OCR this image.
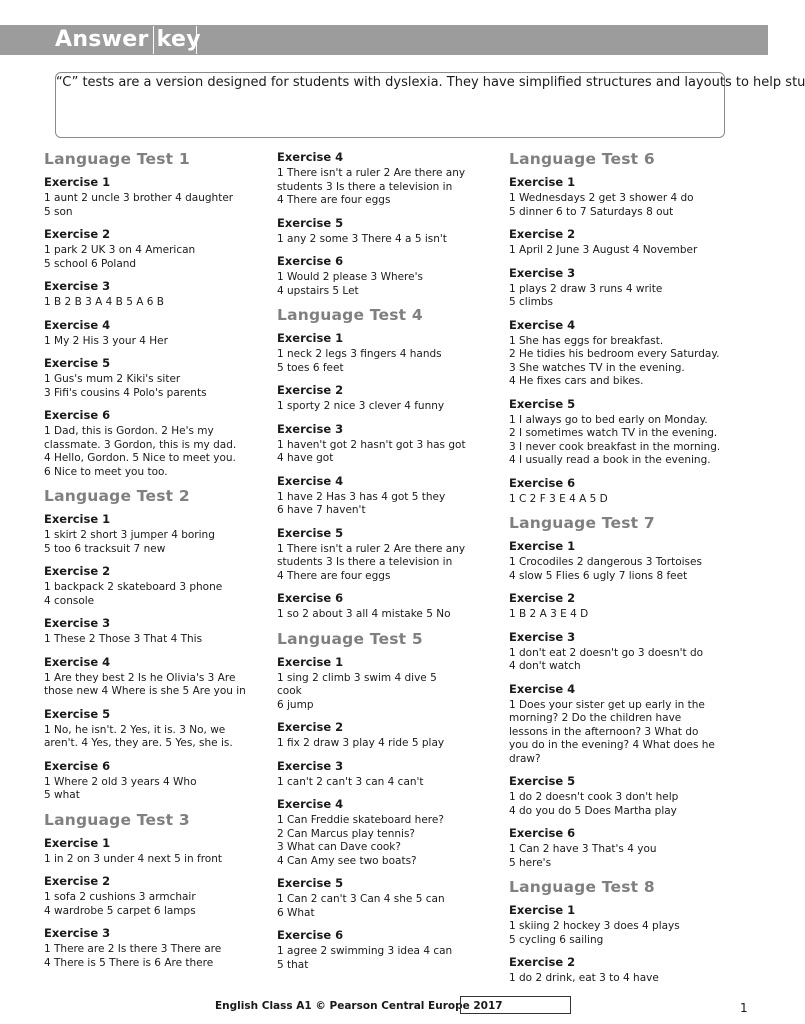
Answer key
“C” tests are a version designed for students with dyslexia. They have simplified structures and layouts to help stu
Language Test 1
Exercise 1
1 aunt 2 uncle 3 brother 4 daughter
5 son
Exercise 2
1 park 2 UK 3 on 4 American
5 school 6 Poland
Exercise 3
1 B 2 B 3 A 4 B 5 A 6 B
Exercise 4
1 My 2 His 3 your 4 Her
Exercise 5
1 Gus's mum 2 Kiki's siter
3 Fifi's cousins 4 Polo's parents
Exercise 6
1 Dad, this is Gordon. 2 He's my
classmate. 3 Gordon, this is my dad.
4 Hello, Gordon. 5 Nice to meet you.
6 Nice to meet you too.
Language Test 2
Exercise 1
1 skirt 2 short 3 jumper 4 boring
5 too 6 tracksuit 7 new
Exercise 2
1 backpack 2 skateboard 3 phone
4 console
Exercise 3
1 These 2 Those 3 That 4 This
Exercise 4
1 Are they best 2 Is he Olivia's 3 Are
those new 4 Where is she 5 Are you in
Exercise 5
1 No, he isn't. 2 Yes, it is. 3 No, we
aren't. 4 Yes, they are. 5 Yes, she is.
Exercise 6
1 Where 2 old 3 years 4 Who
5 what
Language Test 3
Exercise 1
1 in 2 on 3 under 4 next 5 in front
Exercise 2
1 sofa 2 cushions 3 armchair
4 wardrobe 5 carpet 6 lamps
Exercise 3
1 There are 2 Is there 3 There are
4 There is 5 There is 6 Are there
Exercise 4
1 There isn't a ruler 2 Are there any
students 3 Is there a television in
4 There are four eggs
Exercise 5
1 any 2 some 3 There 4 a 5 isn't
Exercise 6
1 Would 2 please 3 Where's
4 upstairs 5 Let
Language Test 4
Exercise 1
1 neck 2 legs 3 fingers 4 hands
5 toes 6 feet
Exercise 2
1 sporty 2 nice 3 clever 4 funny
Exercise 3
1 haven't got 2 hasn't got 3 has got
4 have got
Exercise 4
1 have 2 Has 3 has 4 got 5 they
6 have 7 haven't
Exercise 5
1 There isn't a ruler 2 Are there any
students 3 Is there a television in
4 There are four eggs
Exercise 6
1 so 2 about 3 all 4 mistake 5 No
Language Test 5
Exercise 1
1 sing 2 climb 3 swim 4 dive 5
cook
6 jump
Exercise 2
1 fix 2 draw 3 play 4 ride 5 play
Exercise 3
1 can't 2 can't 3 can 4 can't
Exercise 4
1 Can Freddie skateboard here?
2 Can Marcus play tennis?
3 What can Dave cook?
4 Can Amy see two boats?
Exercise 5
1 Can 2 can't 3 Can 4 she 5 can
6 What
Exercise 6
1 agree 2 swimming 3 idea 4 can
5 that
Language Test 6
Exercise 1
1 Wednesdays 2 get 3 shower 4 do
5 dinner 6 to 7 Saturdays 8 out
Exercise 2
1 April 2 June 3 August 4 November
Exercise 3
1 plays 2 draw 3 runs 4 write
5 climbs
Exercise 4
1 She has eggs for breakfast.
2 He tidies his bedroom every Saturday.
3 She watches TV in the evening.
4 He fixes cars and bikes.
Exercise 5
1 I always go to bed early on Monday.
2 I sometimes watch TV in the evening.
3 I never cook breakfast in the morning.
4 I usually read a book in the evening.
Exercise 6
1 C 2 F 3 E 4 A 5 D
Language Test 7
Exercise 1
1 Crocodiles 2 dangerous 3 Tortoises
4 slow 5 Flies 6 ugly 7 lions 8 feet
Exercise 2
1 B 2 A 3 E 4 D
Exercise 3
1 don't eat 2 doesn't go 3 doesn't do
4 don't watch
Exercise 4
1 Does your sister get up early in the
morning? 2 Do the children have
lessons in the afternoon? 3 What do
you do in the evening? 4 What does he
draw?
Exercise 5
1 do 2 doesn't cook 3 don't help
4 do you do 5 Does Martha play
Exercise 6
1 Can 2 have 3 That's 4 you
5 here's
Language Test 8
Exercise 1
1 skiing 2 hockey 3 does 4 plays
5 cycling 6 sailing
Exercise 2
1 do 2 drink, eat 3 to 4 have
English Class A1 © Pearson Central Europe 2017	1
